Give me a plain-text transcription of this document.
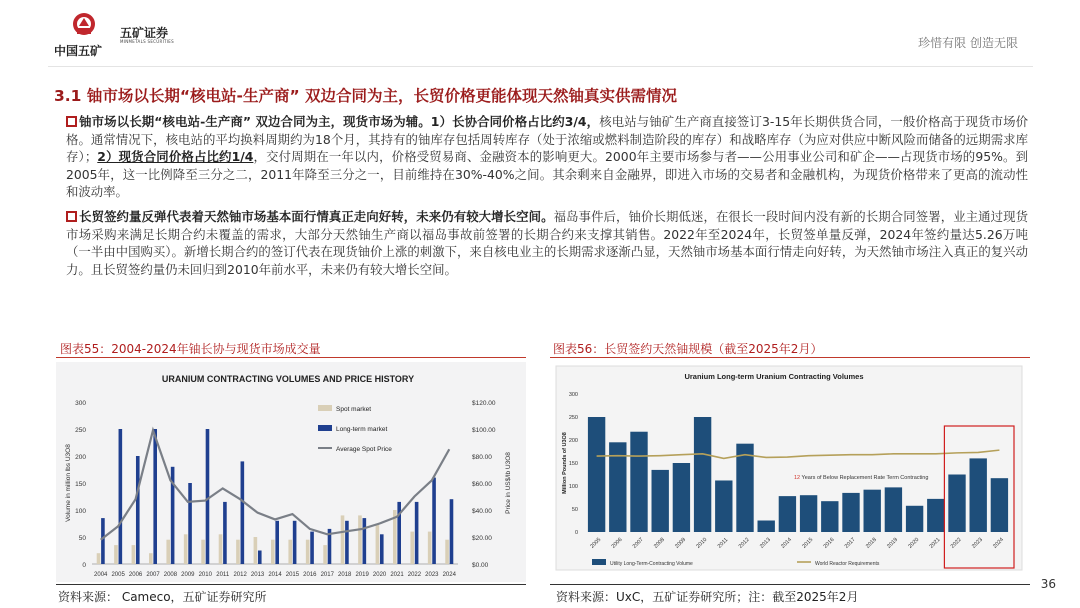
中国五矿
五矿证券
MINMETALS SECURITIES	珍惜有限 创造无限
3.1 铀市场以长期“核电站-生产商” 双边合同为主，长贸价格更能体现天然铀真实供需情况
铀市场以长期“核电站-生产商” 双边合同为主，现货市场为辅。1）长协合同价格占比约3/4，核电站与铀矿生产商直接签订3-15年长期供货合同，一般价格高于现货市场价格。通常情况下，核电站的平均换料周期约为18个月，其持有的铀库存包括周转库存（处于浓缩或燃料制造阶段的库存）和战略库存（为应对供应中断风险而储备的远期需求库存）；2）现货合同价格占比约1/4，交付周期在一年以内，价格受贸易商、金融资本的影响更大。2000年主要市场参与者——公用事业公司和矿企——占现货市场的95%。到2005年，这一比例降至三分之二，2011年降至三分之一，目前维持在30%-40%之间。其余剩来自金融界，即进入市场的交易者和金融机构，为现货价格带来了更高的流动性和波动率。
长贸签约量反弹代表着天然铀市场基本面行情真正走向好转，未来仍有较大增长空间。福岛事件后，铀价长期低迷，在很长一段时间内没有新的长期合同签署，业主通过现货市场采购来满足长期合约未覆盖的需求，大部分天然铀生产商以福岛事故前签署的长期合约来支撑其销售。2022年至2024年，长贸签单量反弹，2024年签约量达5.26万吨（一半由中国购买）。新增长期合约的签订代表在现货铀价上涨的刺激下，来自核电业主的长期需求逐渐凸显，天然铀市场基本面行情走向好转，为天然铀市场注入真正的复兴动力。且长贸签约量仍未回归到2010年前水平，未来仍有较大增长空间。
图表55：2004-2024年铀长协与现货市场成交量
URANIUM CONTRACTING VOLUMES AND PRICE HISTORY
0
50
100
150
200
250
300
$0.00
$20.00
$40.00
$60.00
$80.00
$100.00
$120.00
Volume in million lbs U3O8	Price in US$/lb U3O8
2004 2005 2006 2007 2008 2009 2010 2011 2012 2013 2014 2015 2016 2017 2018 2019 2020 2021 2022 2023 2024
Spot market
Long-term market
Average Spot Price
资料来源： Cameco，五矿证券研究所
图表56：长贸签约天然铀规模（截至2025年2月）
Uranium Long-term Uranium Contracting Volumes
0
50
100
150
200
250
300
Million Pounds of U3O8
2005 2006 2007 2008 2009 2010 2011 2012 2013 2014 2015 2016 2017 2018 2019 2020 2021 2022 2023 2024
12 Years of Below Replacement Rate Term Contracting
Utility Long-Term-Contracting Volume	World Reactor Requirements
资料来源：UxC，五矿证券研究所；注：截至2025年2月
36
